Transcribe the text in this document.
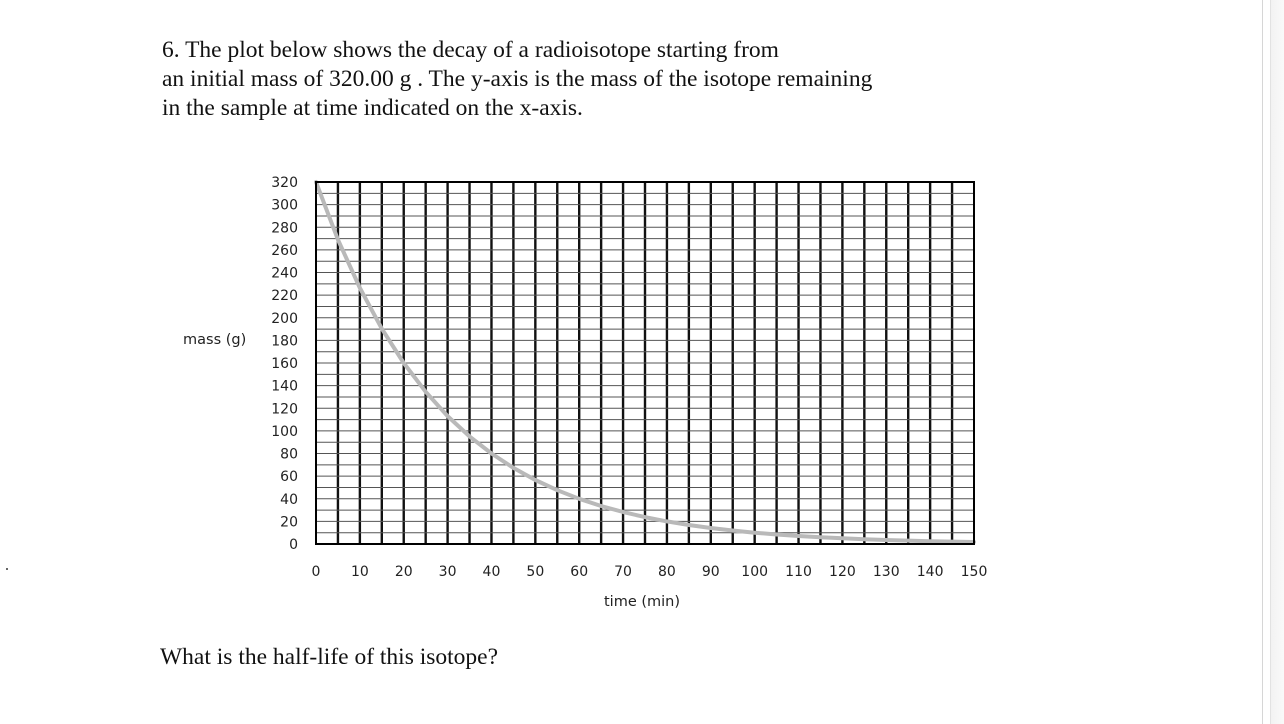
6. The plot below shows the decay of a radioisotope starting from
an initial mass of 320.00 g . The y-axis is the mass of the isotope remaining
in the sample at time indicated on the x-axis.

320
300
280
260
240
220
200
180
160
140
120
100
80
60
40
20
0
0 10 20 30 40 50 60 70 80 90 100 110 120 130 140 150
mass (g)
time (min)

What is the half-life of this isotope?
